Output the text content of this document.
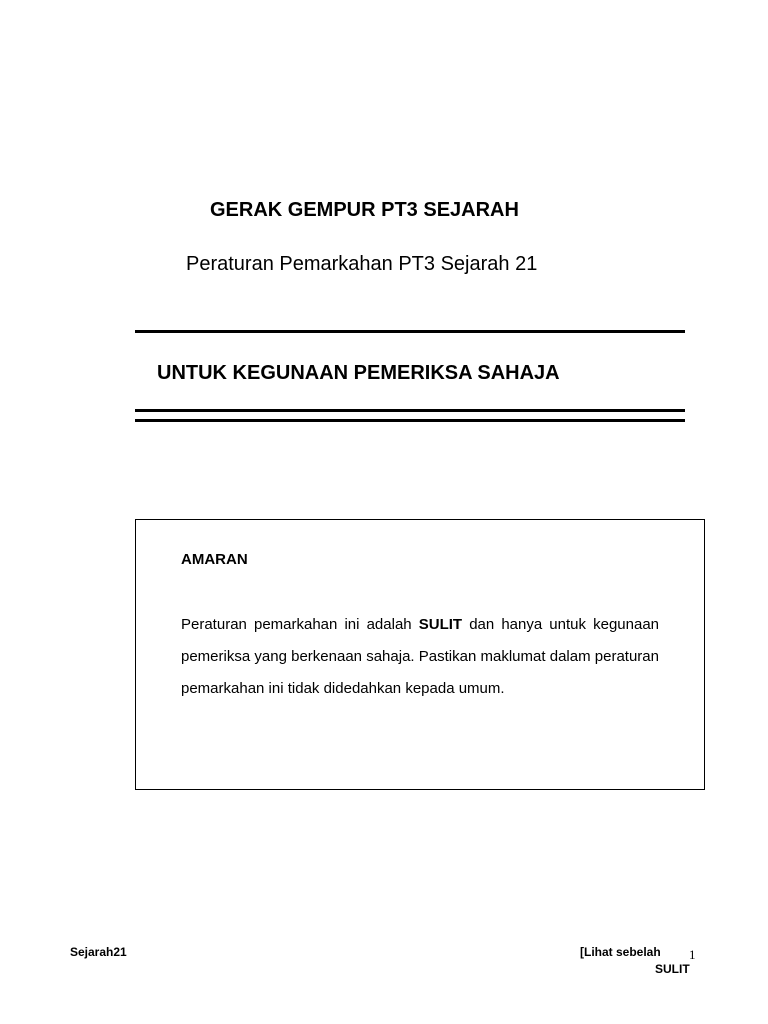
GERAK GEMPUR PT3 SEJARAH

Peraturan Pemarkahan PT3 Sejarah 21

UNTUK KEGUNAAN PEMERIKSA SAHAJA
AMARAN

Peraturan pemarkahan ini adalah SULIT dan hanya untuk kegunaan pemeriksa yang berkenaan sahaja. Pastikan maklumat dalam peraturan pemarkahan ini tidak didedahkan kepada umum.

Sejarah21	[Lihat sebelah 1
SULIT
